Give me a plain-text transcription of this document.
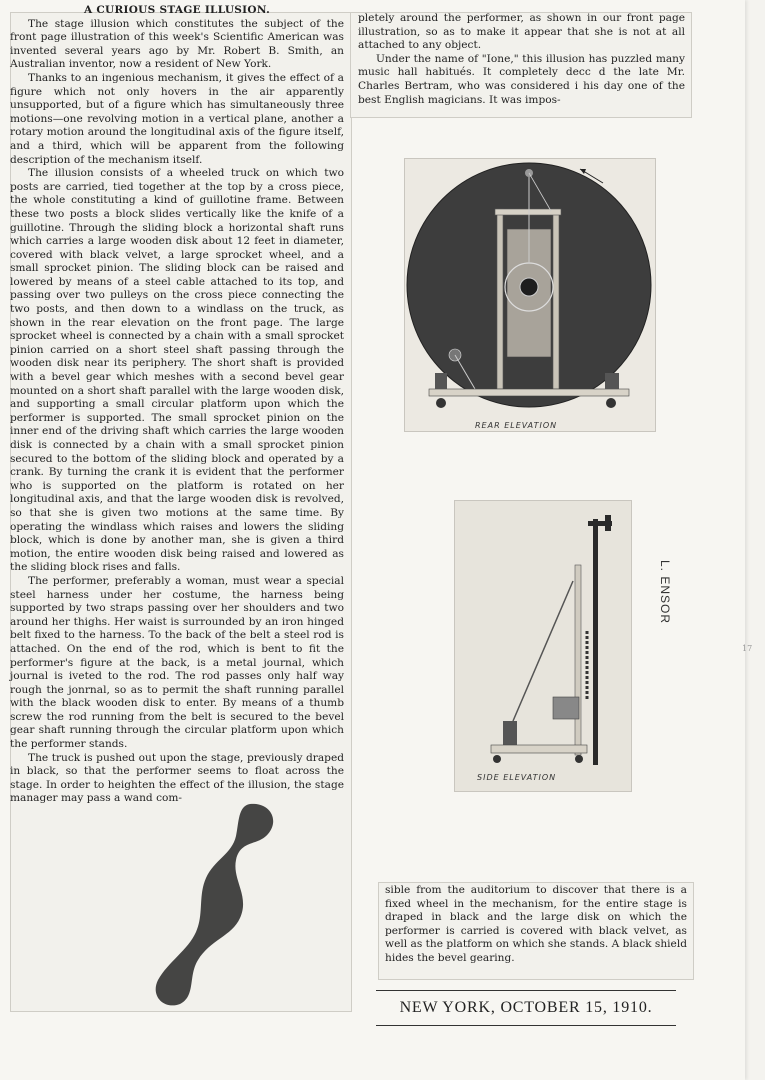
A CURIOUS STAGE ILLUSION.

The stage illusion which constitutes the subject of the front page illustration of this week's Scientific American was invented several years ago by Mr. Robert B. Smith, an Australian inventor, now a resident of New York.

Thanks to an ingenious mechanism, it gives the effect of a figure which not only hovers in the air apparently unsupported, but of a figure which has simultaneously three motions—one revolving motion in a vertical plane, another a rotary motion around the longitudinal axis of the figure itself, and a third, which will be apparent from the following description of the mechanism itself.

The illusion consists of a wheeled truck on which two posts are carried, tied together at the top by a cross piece, the whole constituting a kind of guillotine frame. Between these two posts a block slides vertically like the knife of a guillotine. Through the sliding block a horizontal shaft runs which carries a large wooden disk about 12 feet in diameter, covered with black velvet, a large sprocket wheel, and a small sprocket pinion. The sliding block can be raised and lowered by means of a steel cable attached to its top, and passing over two pulleys on the cross piece connecting the two posts, and then down to a windlass on the truck, as shown in the rear elevation on the front page. The large sprocket wheel is connected by a chain with a small sprocket pinion carried on a short steel shaft passing through the wooden disk near its periphery. The short shaft is provided with a bevel gear which meshes with a second bevel gear mounted on a short shaft parallel with the large wooden disk, and supporting a small circular platform upon which the performer is supported. The small sprocket pinion on the inner end of the driving shaft which carries the large wooden disk is connected by a chain with a small sprocket pinion secured to the bottom of the sliding block and operated by a crank. By turning the crank it is evident that the performer who is supported on the platform is rotated on her longitudinal axis, and that the large wooden disk is revolved, so that she is given two motions at the same time. By operating the windlass which raises and lowers the sliding block, which is done by another man, she is given a third motion, the entire wooden disk being raised and lowered as the sliding block rises and falls.

The performer, preferably a woman, must wear a special steel harness under her costume, the harness being supported by two straps passing over her shoulders and two around her thighs. Her waist is surrounded by an iron hinged belt fixed to the harness. To the back of the belt a steel rod is attached. On the end of the rod, which is bent to fit the performer's figure at the back, is a metal journal, which journal is iveted to the rod. The rod passes only half way rough the jonrnal, so as to permit the shaft running parallel with the black wooden disk to enter. By means of a thumb screw the rod running from the belt is secured to the bevel gear shaft running through the circular platform upon which the performer stands.

The truck is pushed out upon the stage, previously draped in black, so that the performer seems to float across the stage. In order to heighten the effect of the illusion, the stage manager may pass a wand com-

pletely around the performer, as shown in our front page illustration, so as to make it appear that she is not at all attached to any object.

Under the name of "Ione," this illusion has puzzled many music hall habitués. It completely decc d the late Mr. Charles Bertram, who was considered i his day one of the best English magicians. It was impos-

sible from the auditorium to discover that there is a fixed wheel in the mechanism, for the entire stage is draped in black and the large disk on which the performer is carried is covered with black velvet, as well as the platform on which she stands. A black shield hides the bevel gearing.

REAR ELEVATION
SIDE ELEVATION
NEW YORK, OCTOBER 15, 1910.
L. ENSOR
17
